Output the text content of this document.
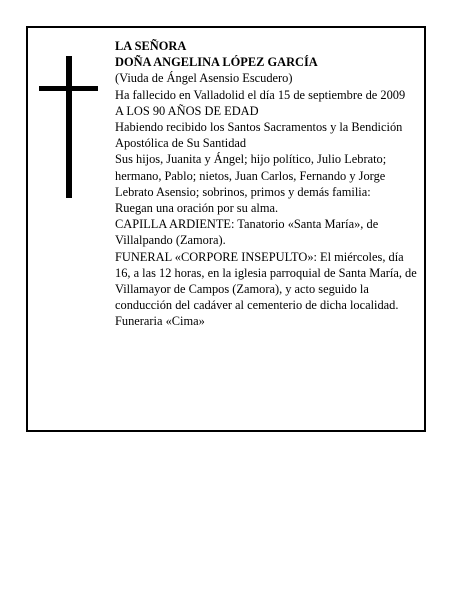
LA SEÑORA

DOÑA ANGELINA LÓPEZ GARCÍA

(Viuda de Ángel Asensio Escudero)

Ha fallecido en Valladolid el día 15 de septiembre de 2009

A LOS 90 AÑOS DE EDAD

Habiendo recibido los Santos Sacramentos y la Bendición Apostólica de Su Santidad

Sus hijos, Juanita y Ángel; hijo político, Julio Lebrato; hermano, Pablo; nietos, Juan Carlos, Fernando y Jorge Lebrato Asensio; sobrinos, primos y demás familia:

Ruegan una oración por su alma.

CAPILLA ARDIENTE: Tanatorio «Santa María», de Villalpando (Zamora).

FUNERAL «CORPORE INSEPULTO»: El miércoles, día 16, a las 12 horas, en la iglesia parroquial de Santa María, de Villamayor de Campos (Zamora), y acto seguido la conducción del cadáver al cementerio de dicha localidad.

Funeraria «Cima»
